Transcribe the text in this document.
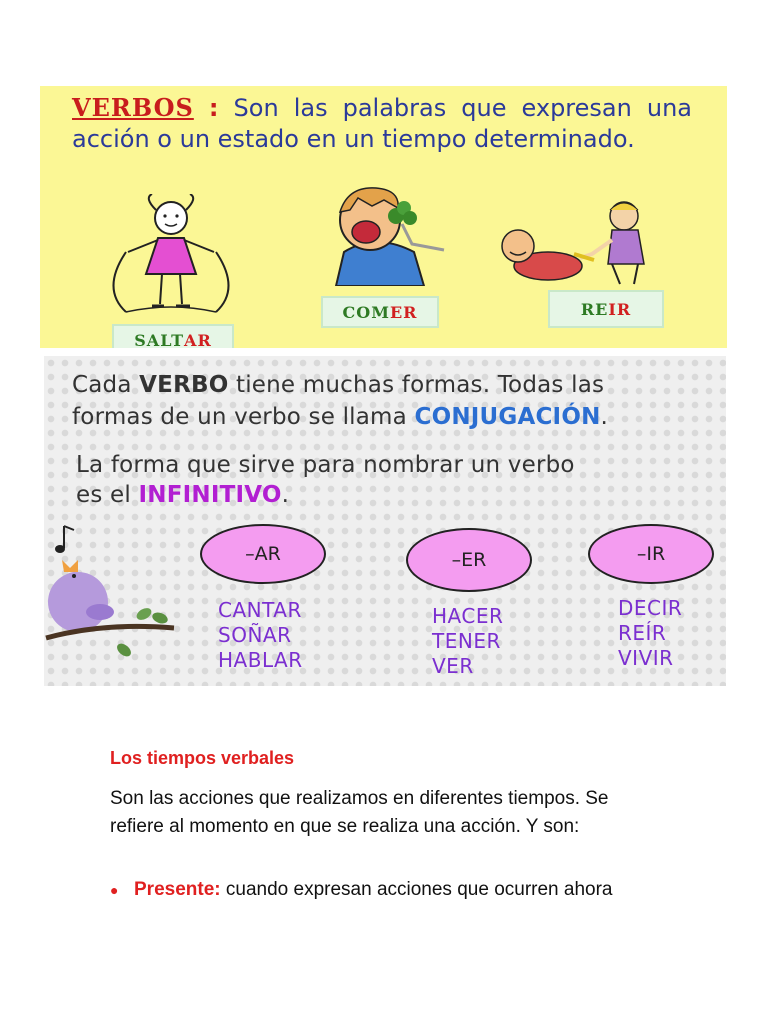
VERBOS : Son las palabras que expresan una acción o un estado en un tiempo determinado.
SALT AR
COM ER	RE IR
Cada VERBO tiene muchas formas. Todas las
formas de un verbo se llama CONJUGACIÓN.
La forma que sirve para nombrar un verbo
es el INFINITIVO.
–AR
CANTAR
SOÑAR
HABLAR
–ER
HACER
TENER
VER
–IR
DECIR
REÍR
VIVIR
Los tiempos verbales
Son las acciones que realizamos en diferentes tiempos. Se refiere al momento en que se realiza una acción. Y son:
● Presente: cuando expresan acciones que ocurren ahora
